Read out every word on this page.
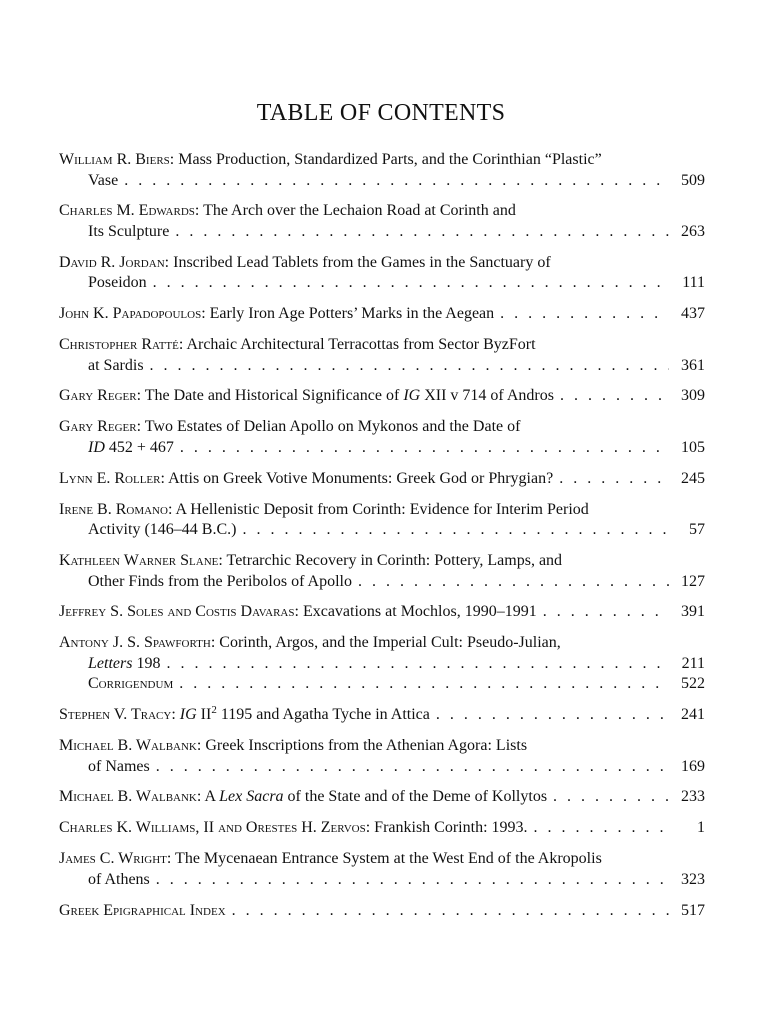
TABLE OF CONTENTS
William R. Biers: Mass Production, Standardized Parts, and the Corinthian “Plastic”
Vase . . .	509
Charles M. Edwards: The Arch over the Lechaion Road at Corinth and
Its Sculpture . . .	263
David R. Jordan: Inscribed Lead Tablets from the Games in the Sanctuary of
Poseidon . . .	111
John K. Papadopoulos: Early Iron Age Potters’ Marks in the Aegean . . .	437
Christopher Ratté: Archaic Architectural Terracottas from Sector ByzFort
at Sardis . . .	361
Gary Reger: The Date and Historical Significance of IG XII v 714 of Andros . . .	309
Gary Reger: Two Estates of Delian Apollo on Mykonos and the Date of
ID 452 + 467 . . .	105
Lynn E. Roller: Attis on Greek Votive Monuments: Greek God or Phrygian? . . .	245
Irene B. Romano: A Hellenistic Deposit from Corinth: Evidence for Interim Period
Activity (146–44 B.C.) . . .	57
Kathleen Warner Slane: Tetrarchic Recovery in Corinth: Pottery, Lamps, and
Other Finds from the Peribolos of Apollo . . .	127
Jeffrey S. Soles and Costis Davaras: Excavations at Mochlos, 1990–1991 . . .	391
Antony J. S. Spawforth: Corinth, Argos, and the Imperial Cult: Pseudo-Julian,
Letters 198 . . .	211
Corrigendum . . .	522
Stephen V. Tracy: IG $II^2$ 1195 and Agatha Tyche in Attica . . .	241
Michael B. Walbank: Greek Inscriptions from the Athenian Agora: Lists
of Names . . .	169
Michael B. Walbank: A Lex Sacra of the State and of the Deme of Kollytos . . .	233
Charles K. Williams, II and Orestes H. Zervos: Frankish Corinth: 1993. . . .	1
James C. Wright: The Mycenaean Entrance System at the West End of the Akropolis
of Athens . . .	323
Greek Epigraphical Index . . .	517
